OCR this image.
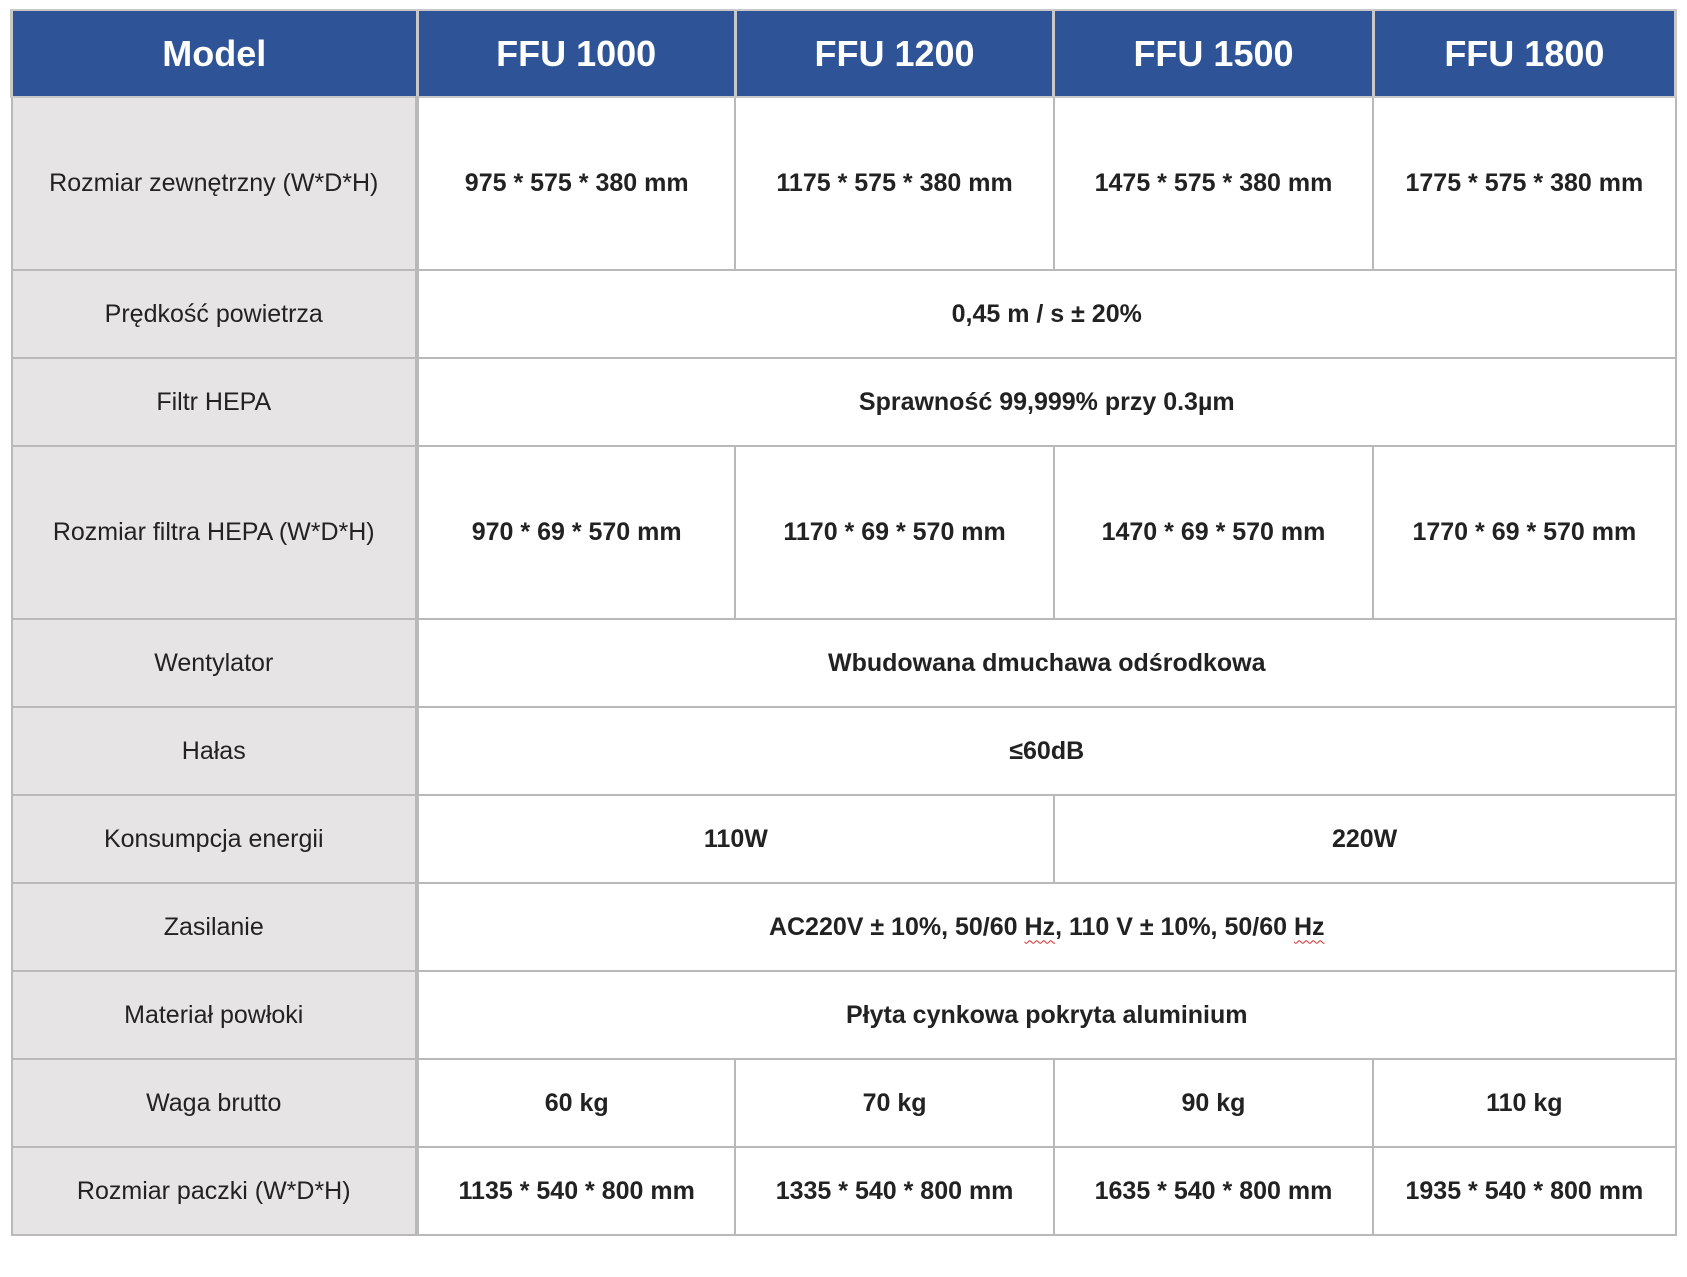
Model	FFU 1000	FFU 1200	FFU 1500	FFU 1800
Rozmiar zewnętrzny (W*D*H)	975 * 575 * 380 mm	1175 * 575 * 380 mm	1475 * 575 * 380 mm	1775 * 575 * 380 mm
Prędkość powietrza	0,45 m / s ± 20%			
Filtr HEPA	Sprawność 99,999% przy 0.3µm			
Rozmiar filtra HEPA (W*D*H)	970 * 69 * 570 mm	1170 * 69 * 570 mm	1470 * 69 * 570 mm	1770 * 69 * 570 mm
Wentylator	Wbudowana dmuchawa odśrodkowa			
Hałas	≤60dB			
Konsumpcja energii	110W		220W	
Zasilanie	AC220V ± 10%, 50/60 Hz, 110 V ± 10%, 50/60 Hz			
Materiał powłoki	Płyta cynkowa pokryta aluminium			
Waga brutto	60 kg	70 kg	90 kg	110 kg
Rozmiar paczki (W*D*H)	1135 * 540 * 800 mm	1335 * 540 * 800 mm	1635 * 540 * 800 mm	1935 * 540 * 800 mm
